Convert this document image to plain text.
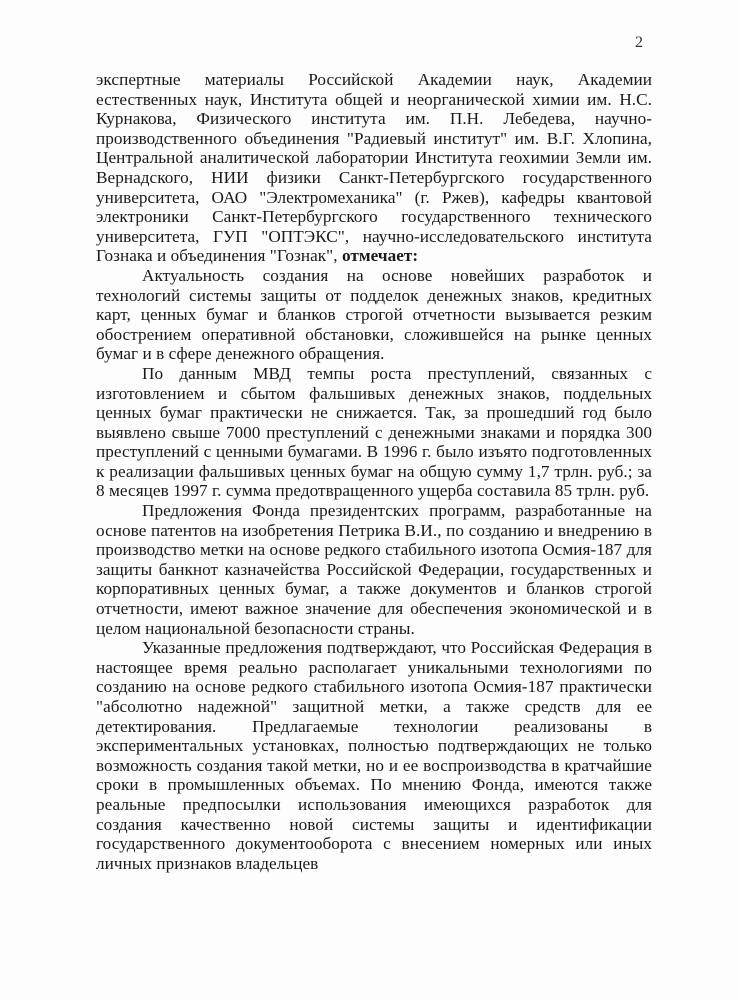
2

экспертные материалы Российской Академии наук, Академии естественных наук, Института общей и неорганической химии им. Н.С. Курнакова, Физического института им. П.Н. Лебедева, научно-производственного объединения "Радиевый институт" им. В.Г. Хлопина, Центральной аналитической лаборатории Института геохимии Земли им. Вернадского, НИИ физики Санкт-Петербургского государственного университета, ОАО "Электромеханика" (г. Ржев), кафедры квантовой электроники Санкт-Петербургского государственного технического университета, ГУП "ОПТЭКС", научно-исследовательского института Гознака и объединения "Гознак", отмечает:

Актуальность создания на основе новейших разработок и технологий системы защиты от подделок денежных знаков, кредитных карт, ценных бумаг и бланков строгой отчетности вызывается резким обострением оперативной обстановки, сложившейся на рынке ценных бумаг и в сфере денежного обращения.

По данным МВД темпы роста преступлений, связанных с изготовлением и сбытом фальшивых денежных знаков, поддельных ценных бумаг практически не снижается. Так, за прошедший год было выявлено свыше 7000 преступлений с денежными знаками и порядка 300 преступлений с ценными бумагами. В 1996 г. было изъято подготовленных к реализации фальшивых ценных бумаг на общую сумму 1,7 трлн. руб.; за 8 месяцев 1997 г. сумма предотвращенного ущерба составила 85 трлн. руб.

Предложения Фонда президентских программ, разработанные на основе патентов на изобретения Петрика В.И., по созданию и внедрению в производство метки на основе редкого стабильного изотопа Осмия-187 для защиты банкнот казначейства Российской Федерации, государственных и корпоративных ценных бумаг, а также документов и бланков строгой отчетности, имеют важное значение для обеспечения экономической и в целом национальной безопасности страны.

Указанные предложения подтверждают, что Российская Федерация в настоящее время реально располагает уникальными технологиями по созданию на основе редкого стабильного изотопа Осмия-187 практически "абсолютно надежной" защитной метки, а также средств для ее детектирования. Предлагаемые технологии реализованы в экспериментальных установках, полностью подтверждающих не только возможность создания такой метки, но и ее воспроизводства в кратчайшие сроки в промышленных объемах. По мнению Фонда, имеются также реальные предпосылки использования имеющихся разработок для создания качественно новой системы защиты и идентификации государственного документооборота с внесением номерных или иных личных признаков владельцев
